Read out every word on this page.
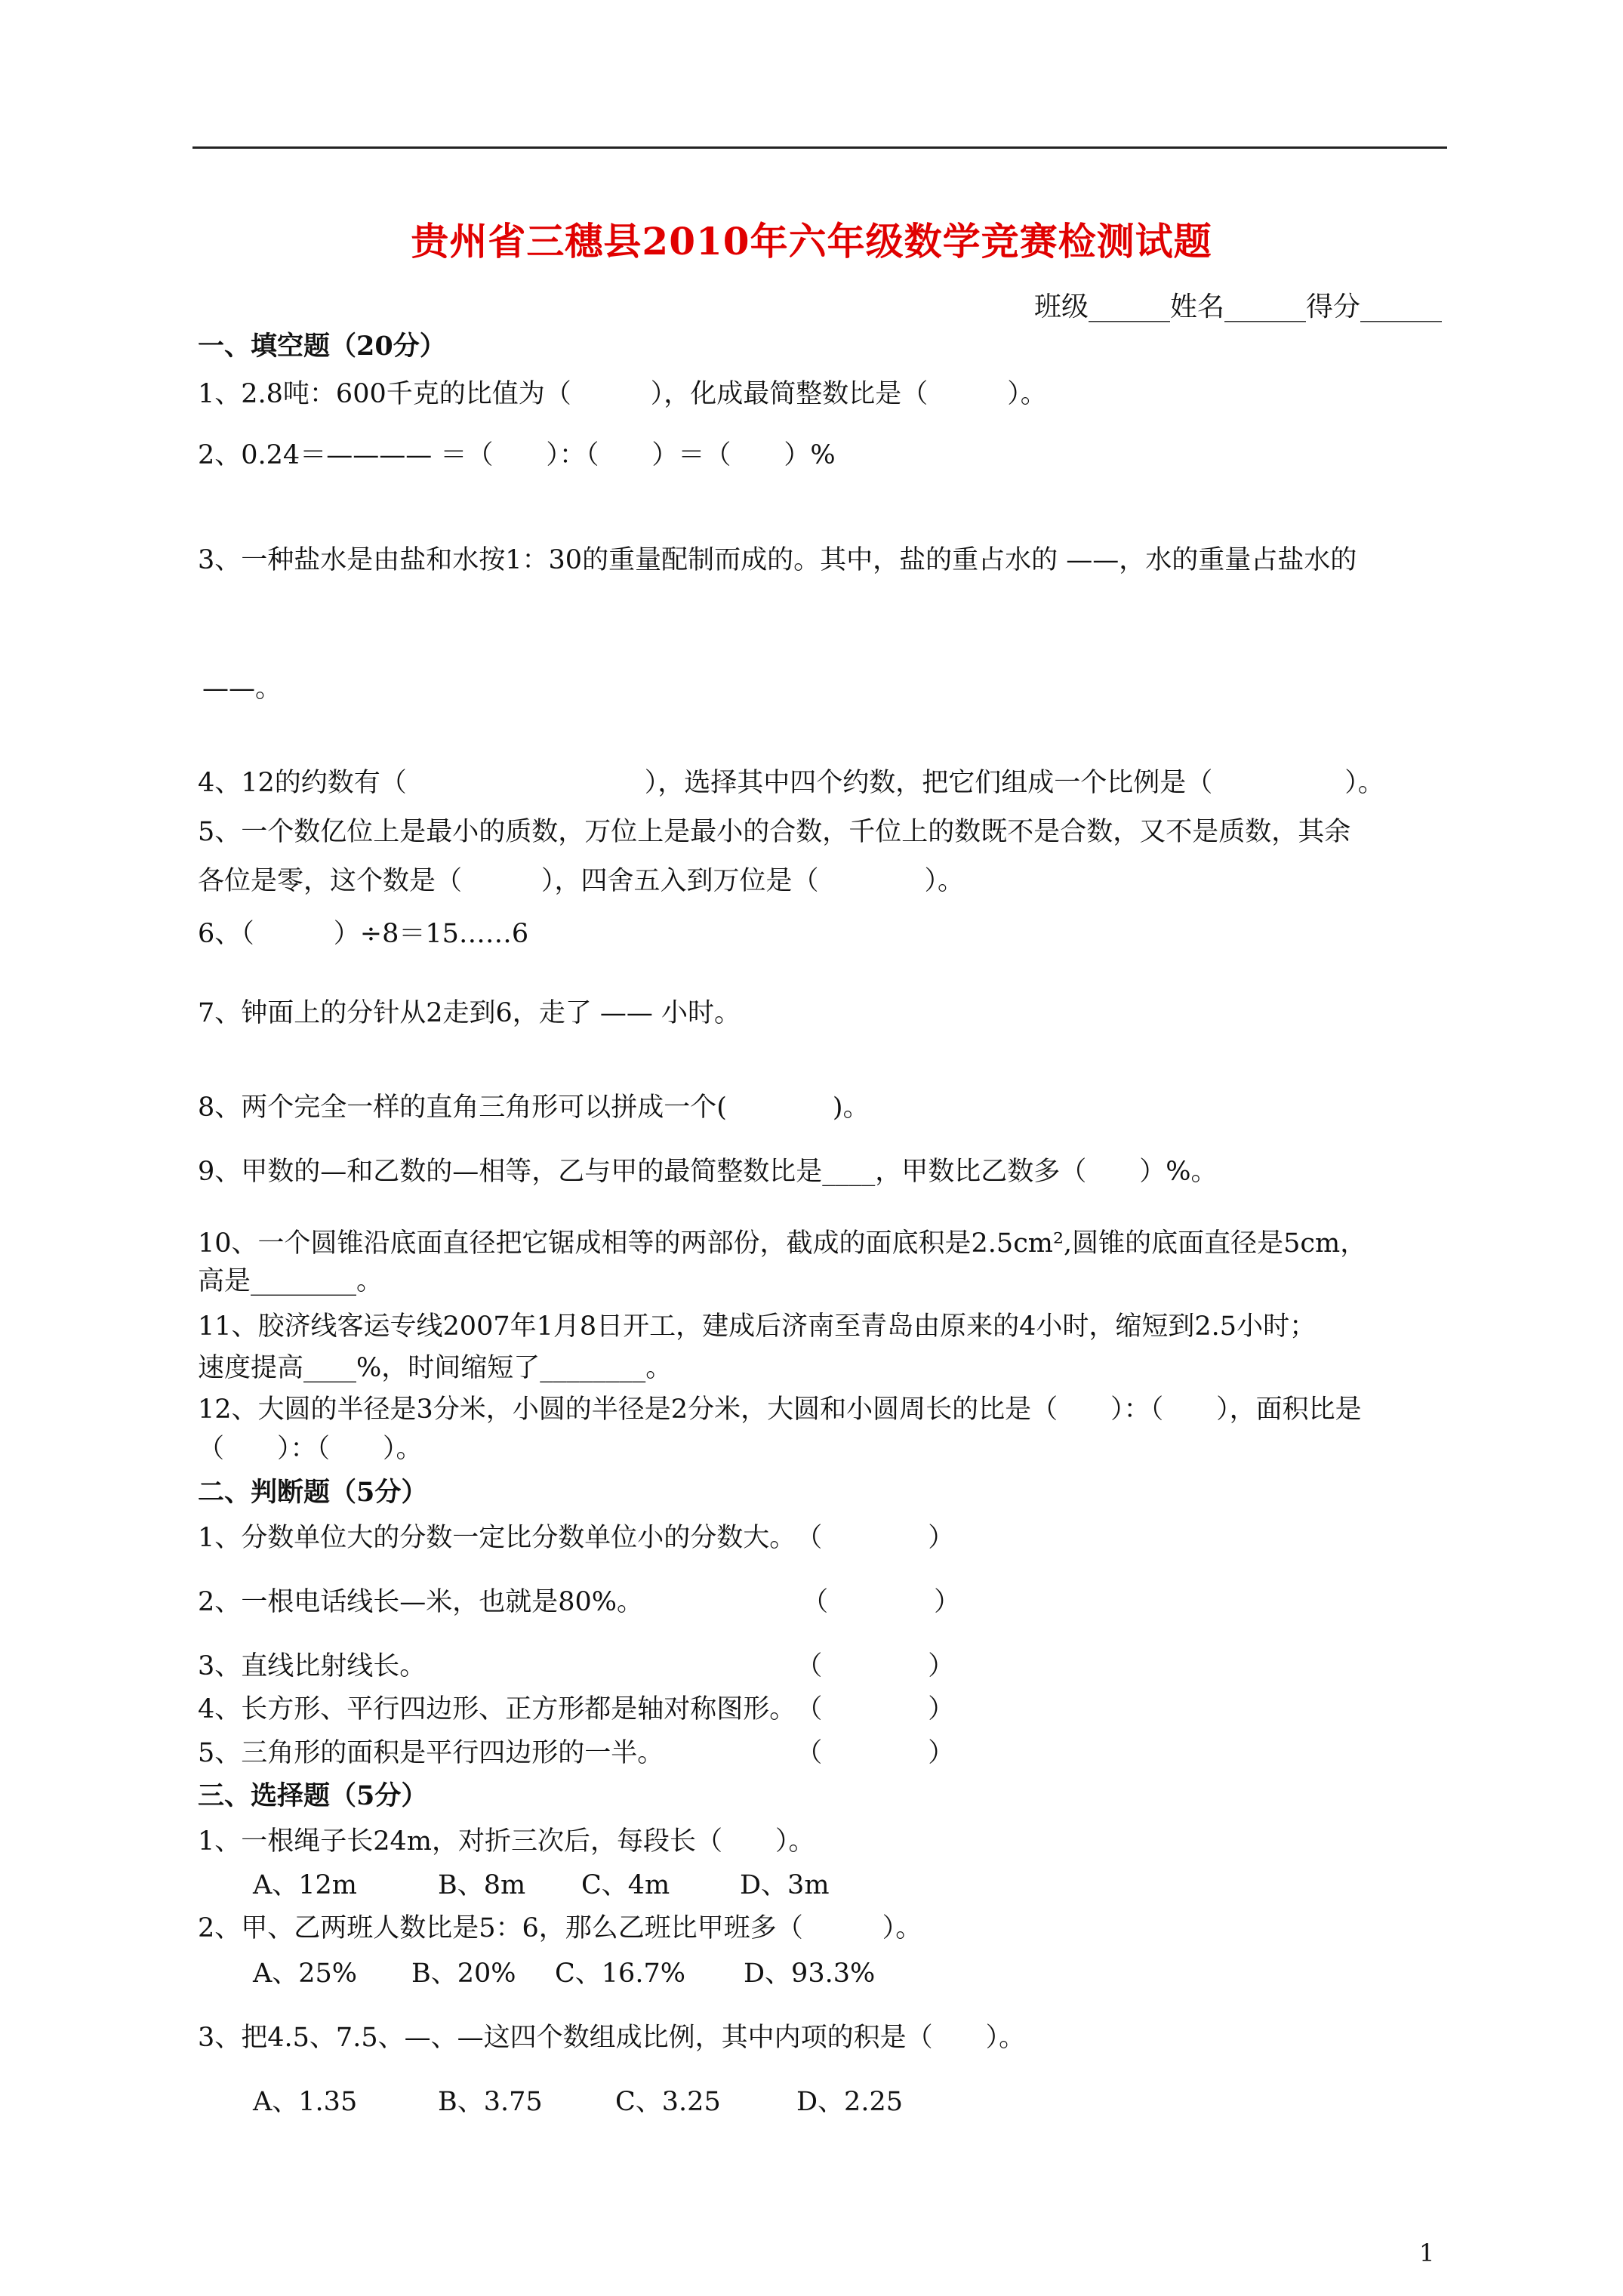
贵州省三穗县2010年六年级数学竞赛检测试题
班级______姓名______得分______
一、填空题（20分）
1、2.8吨：600千克的比值为（　　　），化成最简整数比是（　　　）。
2、0.24＝———— ＝（　　）：（　　）＝（　　）%
3、一种盐水是由盐和水按1：30的重量配制而成的。其中，盐的重占水的 ——，水的重量占盐水的
——。
4、12的约数有（　　　　　　　　　），选择其中四个约数，把它们组成一个比例是（　　　　　）。
5、一个数亿位上是最小的质数，万位上是最小的合数，千位上的数既不是合数，又不是质数，其余
各位是零，这个数是（　　　），四舍五入到万位是（　　　　）。
6、（　　　）÷8＝15……6
7、钟面上的分针从2走到6，走了 —— 小时。
8、两个完全一样的直角三角形可以拼成一个(　　　　)。
9、甲数的—和乙数的—相等，乙与甲的最简整数比是____，甲数比乙数多（　　）%。
10、一个圆锥沿底面直径把它锯成相等的两部份，截成的面底积是2.5cm²,圆锥的底面直径是5cm，
高是________。
11、胶济线客运专线2007年1月8日开工，建成后济南至青岛由原来的4小时，缩短到2.5小时；
速度提高____%，时间缩短了________。
12、大圆的半径是3分米，小圆的半径是2分米，大圆和小圆周长的比是（　　）：（　　），面积比是
（　　）：（　　）。
二、判断题（5分）
1、分数单位大的分数一定比分数单位小的分数大。　（　　　　）
2、一根电话线长—米，也就是80%。　　　　　　　（　　　　）
3、直线比射线长。　　　　　　　　　　　　　　　（　　　　）
4、长方形、平行四边形、正方形都是轴对称图形。　（　　　　）
5、三角形的面积是平行四边形的一半。　　　　　　（　　　　）
三、选择题（5分）
1、一根绳子长24m，对折三次后，每段长（　　）。
A、12m	B、8m C、4m	D、3m
2、甲、乙两班人数比是5：6，那么乙班比甲班多（　　　）。
A、25% B、20% C、16.7% D、93.3%
3、把4.5、7.5、—、—这四个数组成比例，其中内项的积是（　　）。
A、1.35	B、3.75	C、3.25	D、2.25
1
